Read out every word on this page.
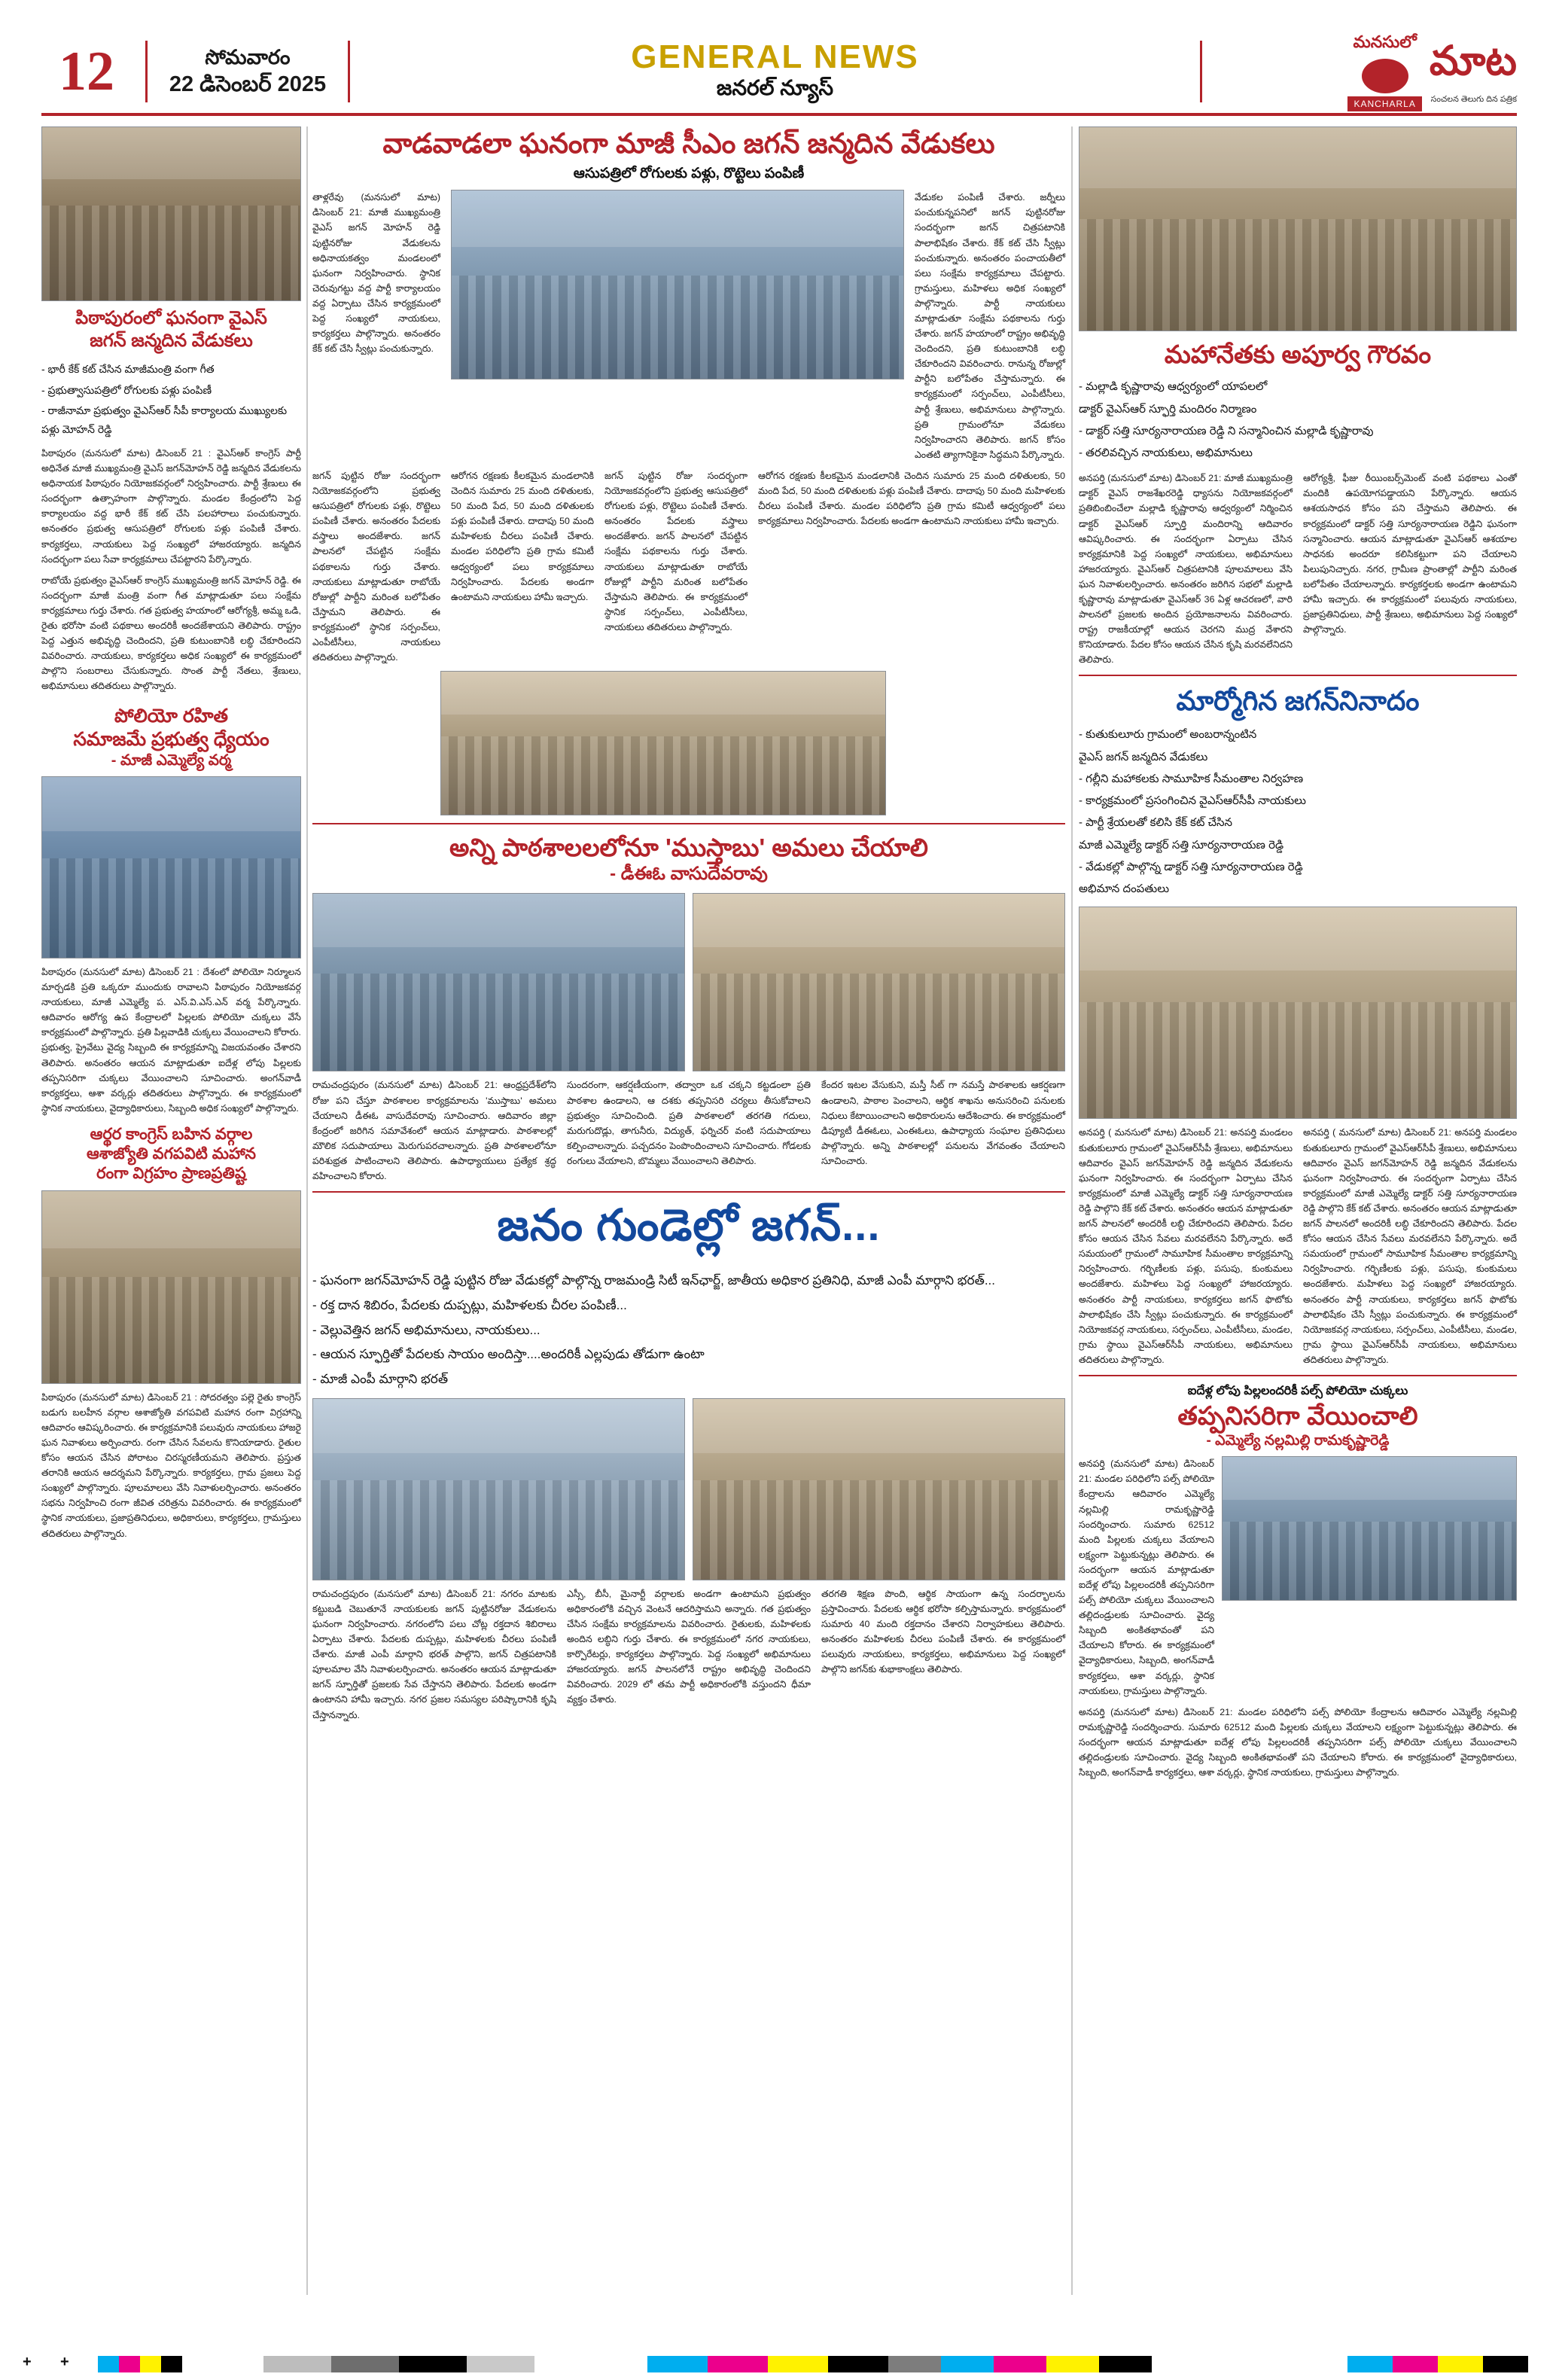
12	సోమవారం
22 డిసెంబ‌ర్ 2025
GENERAL NEWS
జ‌న‌ర‌ల్ న్యూస్
మనసులో
KANCHARLA
మాట
సంచ‌ల‌న‌ తెలుగు దిన ప‌త్రిక
పిఠాపురంలో ఘ‌నంగా వైఎస్
జగన్ జ‌న్మ‌దిన వేడుక‌లు
- భారీ కేక్ క‌ట్ చేసిన మాజీమంత్రి వంగా గీత‌
- ప్ర‌భుత్వాసుప‌త్రిలో రోగుల‌కు ప‌ళ్లు పంపిణీ
- రాజీనామా ప్ర‌భుత్వం వైఎస్ఆర్ సీపీ కార్యాలయ‌ ముఖ్యుల‌కు ప‌ళ్లు మోహ‌న్ రెడ్డి
పిఠాపురం (మ‌న‌సులో మాట‌) డిసెంబ‌ర్ 21 : వైఎస్ఆర్ కాంగ్రెస్ పార్టీ అధినేత మాజీ ముఖ్యమంత్రి వైఎస్ జగన్‌మోహ‌న్ రెడ్డి జ‌న్మ‌దిన వేడుక‌ల‌ను అధినాయ‌క పిఠాపురం నియోజ‌క‌వ‌ర్గంలో నిర్వ‌హించారు. పార్టీ శ్రేణులు ఈ సంద‌ర్భంగా ఉత్సాహంగా పాల్గొన్నారు. మండ‌ల కేంద్రంలోని పెద్ద కార్యాల‌యం వ‌ద్ద భారీ కేక్ క‌ట్ చేసి ప‌ల‌హారాలు పంచుకున్నారు. అనంత‌రం ప్ర‌భుత్వ ఆసుప‌త్రిలో రోగుల‌కు ప‌ళ్లు పంపిణీ చేశారు. కార్య‌క‌ర్త‌లు, నాయ‌కులు పెద్ద సంఖ్య‌లో హాజ‌ర‌య్యారు. జ‌న్మ‌దిన సంద‌ర్భంగా ప‌లు సేవా కార్య‌క్ర‌మాలు చేప‌ట్టార‌ని పేర్కొన్నారు.
రాబోయే ప్ర‌భుత్వం వైఎస్ఆర్ కాంగ్రెస్ ముఖ్య‌మంత్రి జ‌గ‌న్ మోహ‌న్ రెడ్డి. ఈ సంద‌ర్భంగా మాజీ మంత్రి వంగా గీత మాట్లాడుతూ ప‌లు సంక్షేమ కార్య‌క్ర‌మాలు గుర్తు చేశారు. గ‌త ప్ర‌భుత్వ హ‌యాంలో ఆరోగ్యశ్రీ, అమ్మ ఒడి, రైతు భ‌రోసా వంటి ప‌థ‌కాలు అంద‌రికీ అంద‌జేశాయ‌ని తెలిపారు. రాష్ట్రం పెద్ద ఎత్తున అభివృద్ధి చెందింద‌ని, ప్ర‌తి కుటుంబానికి ల‌బ్ధి చేకూరింద‌ని వివ‌రించారు. నాయ‌కులు, కార్య‌క‌ర్త‌లు అధిక సంఖ్య‌లో ఈ కార్య‌క్ర‌మంలో పాల్గొని సంబ‌రాలు చేసుకున్నారు. సొంత పార్టీ నేత‌లు, శ్రేణులు, అభిమానులు త‌దిత‌రులు పాల్గొన్నారు.
పోలియో ర‌హిత‌
స‌మాజ‌మే ప్ర‌భుత్వ ధ్యేయం
- మాజీ ఎమ్మెల్యే వ‌ర్మ
పిఠాపురం (మ‌న‌సులో మాట‌) డిసెంబ‌ర్ 21 : దేశంలో పోలియో నిర్మూల‌న మార్చ‌డ‌కి ప్ర‌తి ఒక్క‌రూ ముందుకు రావాల‌ని పిఠాపురం నియోజ‌క‌వ‌ర్గ నాయ‌కులు, మాజీ ఎమ్మెల్యే ప‌. ఎస్.వి.ఎస్.ఎన్ వ‌ర్మ పేర్కొన్నారు. ఆదివారం ఆరోగ్య ఉప కేంద్రాల‌లో పిల్ల‌ల‌కు పోలియో చుక్క‌లు వేసే కార్య‌క్ర‌మంలో పాల్గొన్నారు. ప్ర‌తి పిల్ల‌వాడికి చుక్క‌లు వేయించాల‌ని కోరారు. ప్ర‌భుత్వ‌, ప్రైవేటు వైద్య సిబ్బంది ఈ కార్య‌క్ర‌మాన్ని విజ‌య‌వంతం చేశార‌ని తెలిపారు. అనంత‌రం ఆయ‌న మాట్లాడుతూ ఐదేళ్ల లోపు పిల్ల‌ల‌కు త‌ప్ప‌నిస‌రిగా చుక్క‌లు వేయించాల‌ని సూచించారు. అంగ‌న్‌వాడీ కార్య‌క‌ర్త‌లు, ఆశా వ‌ర్క‌ర్లు త‌దిత‌రులు పాల్గొన్నారు. ఈ కార్య‌క్ర‌మంలో స్థానిక నాయ‌కులు, వైద్యాధికారులు, సిబ్బంది అధిక సంఖ్య‌లో పాల్గొన్నారు.
ఆర్థ‌ర కాంగ్రెస్ బ‌హిన వ‌ర్గాల
ఆశాజ్యోతి వ‌గ‌ప‌విటి మ‌హాన
రంగా విగ్ర‌హం ప్రాణ‌ప్ర‌తిష్ట‌
పిఠాపురం (మ‌న‌సులో మాట‌) డిసెంబ‌ర్ 21 : సోద‌ర‌త్వం ప‌ల్లె రైతు కాంగ్రెస్ బ‌డుగు బ‌ల‌హీన వ‌ర్గాల ఆశాజ్యోతి వ‌గ‌ప‌విటి మ‌హాన రంగా విగ్ర‌హాన్ని ఆదివారం ఆవిష్క‌రించారు. ఈ కార్య‌క్ర‌మానికి ప‌లువురు నాయ‌కులు హాజ‌రై ఘ‌న నివాళులు అర్పించారు. రంగా చేసిన సేవ‌ల‌ను కొనియాడారు. రైతుల కోసం ఆయ‌న చేసిన పోరాటం చిర‌స్మ‌ర‌ణీయ‌మ‌ని తెలిపారు. ప్ర‌స్తుత త‌రానికి ఆయ‌న ఆద‌ర్శ‌మ‌ని పేర్కొన్నారు. కార్య‌క‌ర్త‌లు, గ్రామ ప్ర‌జ‌లు పెద్ద సంఖ్య‌లో పాల్గొన్నారు. పూల‌మాల‌లు వేసి నివాళుల‌ర్పించారు. అనంత‌రం స‌భ‌ను నిర్వ‌హించి రంగా జీవిత చ‌రిత్ర‌ను వివ‌రించారు. ఈ కార్య‌క్ర‌మంలో స్థానిక నాయ‌కులు, ప్ర‌జాప్ర‌తినిధులు, అధికారులు, కార్య‌క‌ర్త‌లు, గ్రామ‌స్తులు త‌దిత‌రులు పాల్గొన్నారు.
వాడ‌వాడ‌లా ఘ‌నంగా మాజీ సీఎం జ‌గ‌న్ జ‌న్మ‌దిన వేడుక‌లు
ఆసుప‌త్రిలో రోగుల‌కు ప‌ళ్లు, రొట్టెలు పంపిణీ
తాళ్ల‌రేవు (మ‌న‌సులో మాట‌) డిసెంబ‌ర్ 21: మాజీ ముఖ్య‌మంత్రి వైఎస్ జ‌గ‌న్ మోహ‌న్ రెడ్డి పుట్టిన‌రోజు వేడుక‌ల‌ను అధినాయ‌క‌త్వం మండ‌లంలో ఘ‌నంగా నిర్వ‌హించారు. స్థానిక చెరువుగ‌ట్టు వ‌ద్ద పార్టీ కార్యాల‌యం వ‌ద్ద ఏర్పాటు చేసిన కార్య‌క్ర‌మంలో పెద్ద సంఖ్య‌లో నాయ‌కులు, కార్య‌క‌ర్త‌లు పాల్గొన్నారు. అనంత‌రం కేక్ క‌ట్ చేసి స్వీట్లు పంచుకున్నారు.
వేడుక‌ల పంపిణీ చేశారు. జ‌ర్నీలు పంచుకున్న‌ప‌నిలో జ‌గ‌న్ పుట్టిన‌రోజు సంద‌ర్భంగా జ‌గ‌న్ చిత్ర‌ప‌టానికి పాలాభిషేకం చేశారు. కేక్ క‌ట్ చేసి స్వీట్లు పంచుకున్నారు. అనంత‌రం పంచాయ‌తీలో ప‌లు సంక్షేమ కార్య‌క్ర‌మాలు చేప‌ట్టారు. గ్రామ‌స్తులు, మ‌హిళ‌లు అధిక సంఖ్య‌లో పాల్గొన్నారు. పార్టీ నాయ‌కులు మాట్లాడుతూ సంక్షేమ ప‌థ‌కాల‌ను గుర్తు చేశారు. జ‌గ‌న్ హ‌యాంలో రాష్ట్రం అభివృద్ధి చెందింద‌ని, ప్ర‌తి కుటుంబానికి ల‌బ్ధి చేకూరింద‌ని వివ‌రించారు. రానున్న రోజుల్లో పార్టీని బ‌లోపేతం చేస్తామ‌న్నారు. ఈ కార్య‌క్ర‌మంలో స‌ర్పంచ్‌లు, ఎంపీటీసీలు, పార్టీ శ్రేణులు, అభిమానులు పాల్గొన్నారు. ప్ర‌తి గ్రామంలోనూ వేడుక‌లు నిర్వ‌హించార‌ని తెలిపారు. జ‌గ‌న్ కోసం ఎంత‌టి త్యాగానికైనా సిద్ధ‌మ‌ని పేర్కొన్నారు.
జ‌గ‌న్ పుట్టిన రోజు సంద‌ర్భంగా నియోజ‌క‌వ‌ర్గంలోని ప్ర‌భుత్వ ఆసుప‌త్రిలో రోగుల‌కు ప‌ళ్లు, రొట్టెలు పంపిణీ చేశారు. అనంత‌రం పేద‌ల‌కు వ‌స్త్రాలు అంద‌జేశారు. జ‌గ‌న్ పాల‌న‌లో చేప‌ట్టిన సంక్షేమ ప‌థ‌కాల‌ను గుర్తు చేశారు. నాయ‌కులు మాట్లాడుతూ రాబోయే రోజుల్లో పార్టీని మ‌రింత బ‌లోపేతం చేస్తామ‌ని తెలిపారు. ఈ కార్య‌క్ర‌మంలో స్థానిక స‌ర్పంచ్‌లు, ఎంపీటీసీలు, నాయ‌కులు త‌దిత‌రులు పాల్గొన్నారు.
ఆరోగ‌న ర‌క్ష‌ణ‌కు కీల‌క‌మైన మండ‌లానికి చెందిన సుమారు 25 మంది ద‌ళితుల‌కు, 50 మంది పేద‌, 50 మంది ద‌ళితుల‌కు ప‌ళ్లు పంపిణీ చేశారు. దాదాపు 50 మంది మ‌హిళ‌ల‌కు చీర‌లు పంపిణీ చేశారు. మండ‌ల ప‌రిధిలోని ప్ర‌తి గ్రామ క‌మిటీ ఆధ్వ‌ర్యంలో ప‌లు కార్య‌క్ర‌మాలు నిర్వ‌హించారు. పేద‌ల‌కు అండ‌గా ఉంటామ‌ని నాయ‌కులు హామీ ఇచ్చారు.
జ‌గ‌న్ పుట్టిన రోజు సంద‌ర్భంగా నియోజ‌క‌వ‌ర్గంలోని ప్ర‌భుత్వ ఆసుప‌త్రిలో రోగుల‌కు ప‌ళ్లు, రొట్టెలు పంపిణీ చేశారు. అనంత‌రం పేద‌ల‌కు వ‌స్త్రాలు అంద‌జేశారు. జ‌గ‌న్ పాల‌న‌లో చేప‌ట్టిన సంక్షేమ ప‌థ‌కాల‌ను గుర్తు చేశారు. నాయ‌కులు మాట్లాడుతూ రాబోయే రోజుల్లో పార్టీని మ‌రింత బ‌లోపేతం చేస్తామ‌ని తెలిపారు. ఈ కార్య‌క్ర‌మంలో స్థానిక స‌ర్పంచ్‌లు, ఎంపీటీసీలు, నాయ‌కులు త‌దిత‌రులు పాల్గొన్నారు.
ఆరోగ‌న ర‌క్ష‌ణ‌కు కీల‌క‌మైన మండ‌లానికి చెందిన సుమారు 25 మంది ద‌ళితుల‌కు, 50 మంది పేద‌, 50 మంది ద‌ళితుల‌కు ప‌ళ్లు పంపిణీ చేశారు. దాదాపు 50 మంది మ‌హిళ‌ల‌కు చీర‌లు పంపిణీ చేశారు. మండ‌ల ప‌రిధిలోని ప్ర‌తి గ్రామ క‌మిటీ ఆధ్వ‌ర్యంలో ప‌లు కార్య‌క్ర‌మాలు నిర్వ‌హించారు. పేద‌ల‌కు అండ‌గా ఉంటామ‌ని నాయ‌కులు హామీ ఇచ్చారు.
అన్ని పాఠ‌శాల‌ల‌లోనూ 'ముస్తాబు' అమ‌లు చేయాలి
- డీఈఓ వాసుదేవ‌రావు
రామ‌చంద్ర‌పురం (మ‌న‌సులో మాట‌) డిసెంబ‌ర్ 21: ఆంధ్ర‌ప్ర‌దేశ్‌లోని రోజు ప‌ని చేస్తూ పాఠ‌శాల‌ల కార్య‌క్ర‌మాల‌ను 'ముస్తాబు' అమ‌లు చేయాల‌ని డీఈఓ వాసుదేవ‌రావు సూచించారు. ఆదివారం జిల్లా కేంద్రంలో జ‌రిగిన స‌మావేశంలో ఆయ‌న మాట్లాడారు. పాఠ‌శాల‌ల్లో మౌలిక స‌దుపాయాలు మెరుగుప‌ర‌చాల‌న్నారు. ప్ర‌తి పాఠ‌శాల‌లోనూ ప‌రిశుభ్ర‌త పాటించాల‌ని తెలిపారు. ఉపాధ్యాయులు ప్ర‌త్యేక శ్ర‌ద్ధ వ‌హించాల‌ని కోరారు.
సుంద‌రంగా, ఆక‌ర్ష‌ణీయంగా, త‌ద్వారా ఒక చ‌క్క‌ని క‌ట్ట‌డంలా ప్ర‌తి పాఠ‌శాల ఉండాల‌ని, ఆ ద‌శ‌కు త‌ప్ప‌నిస‌రి చ‌ర్య‌లు తీసుకోవాల‌ని ప్ర‌భుత్వం సూచించింది. ప్ర‌తి పాఠ‌శాల‌లో త‌ర‌గ‌తి గ‌దులు, మ‌రుగుదొడ్లు, తాగునీరు, విద్యుత్‌, ఫ‌ర్నిచ‌ర్ వంటి స‌దుపాయాలు క‌ల్పించాల‌న్నారు. ప‌చ్చ‌ద‌నం పెంపొందించాల‌ని సూచించారు. గోడ‌ల‌కు రంగులు వేయాల‌ని, బొమ్మ‌లు వేయించాల‌ని తెలిపారు.
కేంద‌ర ఇట‌ల వేసుకుని, మ‌స్తీ సీట్ గా న‌మ‌స్తే పాఠ‌శాల‌కు ఆక‌ర్ష‌ణ‌గా ఉండాల‌ని, పాఠాల పెంచాల‌ని, ఆర్థిక శాఖ‌ను అనుస‌రించి ప‌నుల‌కు నిధులు కేటాయించాల‌ని అధికారుల‌ను ఆదేశించారు. ఈ కార్య‌క్ర‌మంలో డిప్యూటీ డీఈఓలు, ఎంఈఓలు, ఉపాధ్యాయ సంఘాల ప్ర‌తినిధులు పాల్గొన్నారు. అన్ని పాఠ‌శాల‌ల్లో ప‌నుల‌ను వేగ‌వంతం చేయాల‌ని సూచించారు.
జ‌నం గుండెల్లో జ‌గ‌న్...
- ఘ‌నంగా జ‌గ‌న్‌మోహ‌న్ రెడ్డి పుట్టిన‌ రోజు వేడుక‌ల్లో పాల్గొన్న‌ రాజ‌మండ్రి సిటీ ఇన్‌ఛార్జ్‌, జాతీయ అధికార ప్ర‌తినిధి, మాజీ ఎంపీ మార్గాని భ‌ర‌త్‌...
- ర‌క్త‌ దాన శిబిరం, పేద‌ల‌కు దుప్ప‌ట్లు, మ‌హిళ‌ల‌కు చీర‌ల పంపిణీ...
- వెల్లువెత్తిన జ‌గ‌న్ అభిమానులు, నాయ‌కులు...
- ఆయ‌న స్ఫూర్తితో పేద‌ల‌కు సాయం అందిస్తా....అంద‌రికీ ఎల్ల‌పుడు తోడుగా ఉంటా
- మాజీ ఎంపీ మార్గాని భ‌ర‌త్‌
రామ‌చంద్ర‌పురం (మ‌న‌సులో మాట‌) డిసెంబ‌ర్ 21: న‌గ‌రం మాట‌కు క‌ట్టుబ‌డి చెబుతూనే నాయ‌కుల‌కు జ‌గ‌న్ పుట్టిన‌రోజు వేడుక‌ల‌ను ఘ‌నంగా నిర్వ‌హించారు. న‌గ‌రంలోని ప‌లు చోట్ల ర‌క్త‌దాన శిబిరాలు ఏర్పాటు చేశారు. పేద‌ల‌కు దుప్ప‌ట్లు, మ‌హిళ‌ల‌కు చీర‌లు పంపిణీ చేశారు. మాజీ ఎంపీ మార్గాని భ‌ర‌త్ పాల్గొని, జ‌గ‌న్ చిత్ర‌ప‌టానికి పూల‌మాల వేసి నివాళుల‌ర్పించారు. అనంత‌రం ఆయ‌న మాట్లాడుతూ జ‌గ‌న్ స్ఫూర్తితో ప్ర‌జ‌ల‌కు సేవ చేస్తాన‌ని తెలిపారు. పేద‌ల‌కు అండ‌గా ఉంటాన‌ని హామీ ఇచ్చారు. న‌గ‌ర ప్ర‌జ‌ల స‌మ‌స్య‌ల ప‌రిష్కారానికి కృషి చేస్తాన‌న్నారు.
ఎస్సీ, బీసీ, మైనార్టీ వ‌ర్గాల‌కు అండ‌గా ఉంటామ‌ని ప్ర‌భుత్వం అధికారంలోకి వ‌చ్చిన వెంట‌నే ఆద‌రిస్తామ‌ని అన్నారు. గ‌త ప్ర‌భుత్వం చేసిన సంక్షేమ కార్య‌క్ర‌మాల‌ను వివ‌రించారు. రైతుల‌కు, మ‌హిళ‌ల‌కు అందిన ల‌బ్ధిని గుర్తు చేశారు. ఈ కార్య‌క్ర‌మంలో న‌గ‌ర నాయ‌కులు, కార్పొరేట‌ర్లు, కార్య‌క‌ర్త‌లు పాల్గొన్నారు. పెద్ద సంఖ్య‌లో అభిమానులు హాజ‌ర‌య్యారు. జ‌గ‌న్ పాల‌న‌లోనే రాష్ట్రం అభివృద్ధి చెందింద‌ని వివ‌రించారు. 2029 లో త‌మ పార్టీ అధికారంలోకి వ‌స్తుంద‌ని ధీమా వ్య‌క్తం చేశారు.
త‌ర‌గ‌తి శిక్ష‌ణ పొంది, ఆర్థిక సాయంగా ఉన్న సంద‌ర్భాల‌ను ప్ర‌స్తావించారు. పేద‌ల‌కు ఆర్థిక భ‌రోసా క‌ల్పిస్తామ‌న్నారు. కార్య‌క్ర‌మంలో సుమారు 40 మంది ర‌క్త‌దానం చేశార‌ని నిర్వాహ‌కులు తెలిపారు. అనంత‌రం మ‌హిళ‌ల‌కు చీర‌లు పంపిణీ చేశారు. ఈ కార్య‌క్ర‌మంలో ప‌లువురు నాయ‌కులు, కార్య‌క‌ర్త‌లు, అభిమానులు పెద్ద సంఖ్య‌లో పాల్గొని జ‌గ‌న్‌కు శుభాకాంక్ష‌లు తెలిపారు.
మ‌హానేత‌కు అపూర్వ గౌర‌వం
- మ‌ల్లాడి కృష్ణారావు ఆధ్వ‌ర్యంలో యాప‌ల‌లో
డాక్ట‌ర్ వైఎస్ఆర్ స్ఫూర్తి మందిరం నిర్మాణం
- డాక్ట‌ర్ స‌త్తి సూర్య‌నారాయ‌ణ రెడ్డి ని స‌న్మానించిన మ‌ల్లాడి కృష్ణారావు
- త‌ర‌లివ‌చ్చిన నాయ‌కులు, అభిమానులు
అన‌ప‌ర్తి (మ‌న‌సులో మాట‌) డిసెంబ‌ర్ 21: మాజీ ముఖ్య‌మంత్రి డాక్ట‌ర్ వైఎస్ రాజ‌శేఖ‌ర‌రెడ్డి ధ్యాస‌ను నియోజ‌క‌వ‌ర్గంలో ప్ర‌తిబింబించేలా మ‌ల్లాడి కృష్ణారావు ఆధ్వ‌ర్యంలో నిర్మించిన డాక్ట‌ర్ వైఎస్ఆర్ స్ఫూర్తి మందిరాన్ని ఆదివారం ఆవిష్క‌రించారు. ఈ సంద‌ర్భంగా ఏర్పాటు చేసిన కార్య‌క్ర‌మానికి పెద్ద సంఖ్య‌లో నాయ‌కులు, అభిమానులు హాజ‌ర‌య్యారు. వైఎస్ఆర్ చిత్ర‌ప‌టానికి పూల‌మాల‌లు వేసి ఘ‌న నివాళుల‌ర్పించారు. అనంత‌రం జ‌రిగిన స‌భ‌లో మ‌ల్లాడి కృష్ణారావు మాట్లాడుతూ వైఎస్ఆర్ 36 ఏళ్ల ఆచ‌ర‌ణ‌లో, వారి పాల‌న‌లో ప్ర‌జ‌ల‌కు అందిన ప్ర‌యోజ‌నాల‌ను వివ‌రించారు. రాష్ట్ర రాజ‌కీయాల్లో ఆయ‌న చెర‌గ‌ని ముద్ర వేశార‌ని కొనియాడారు. పేద‌ల కోసం ఆయ‌న చేసిన కృషి మ‌ర‌వ‌లేనిద‌ని తెలిపారు.
ఆరోగ్య‌శ్రీ, ఫీజు రీయింబ‌ర్స్‌మెంట్ వంటి ప‌థ‌కాలు ఎంతో మందికి ఉప‌యోగ‌ప‌డ్డాయ‌ని పేర్కొన్నారు. ఆయ‌న ఆశ‌య‌సాధ‌న కోసం ప‌ని చేస్తామ‌ని తెలిపారు. ఈ కార్య‌క్ర‌మంలో డాక్ట‌ర్ స‌త్తి సూర్య‌నారాయ‌ణ రెడ్డిని ఘ‌నంగా స‌న్మానించారు. ఆయ‌న మాట్లాడుతూ వైఎస్ఆర్ ఆశ‌యాల సాధ‌న‌కు అంద‌రూ క‌లిసిక‌ట్టుగా ప‌ని చేయాల‌ని పిలుపునిచ్చారు. న‌గ‌ర‌, గ్రామీణ ప్రాంతాల్లో పార్టీని మ‌రింత బ‌లోపేతం చేయాల‌న్నారు. కార్య‌క‌ర్త‌ల‌కు అండ‌గా ఉంటామ‌ని హామీ ఇచ్చారు. ఈ కార్య‌క్ర‌మంలో ప‌లువురు నాయ‌కులు, ప్ర‌జాప్ర‌తినిధులు, పార్టీ శ్రేణులు, అభిమానులు పెద్ద సంఖ్య‌లో పాల్గొన్నారు.
మార్మోగిన జ‌గ‌న్‌నినాదం
- కుతుకులూరు గ్రామంలో అంబ‌రాన్నంటిన
వైఎస్ జ‌గ‌న్ జ‌న్మ‌దిన వేడుక‌లు
- గ‌ల్లీని మ‌హాక‌ల‌కు సామూహిక సీమంతాల నిర్వ‌హ‌ణ
- కార్య‌క్ర‌మంలో ప్ర‌సంగించిన వైఎస్ఆర్‌సీపీ నాయ‌కులు
- పార్టీ శ్రేయ‌ల‌తో క‌లిసి కేక్ క‌ట్ చేసిన
మాజీ ఎమ్మెల్యే డాక్ట‌ర్ స‌త్తి సూర్య‌నారాయ‌ణ రెడ్డి
- వేడుక‌ల్లో పాల్గొన్న డాక్ట‌ర్ స‌త్తి సూర్య‌నారాయ‌ణ రెడ్డి
అభిమాన దంప‌తులు
అన‌ప‌ర్తి ( మ‌న‌సులో మాట‌) డిసెంబ‌ర్ 21: అన‌ప‌ర్తి మండ‌లం కుతుకులూరు గ్రామంలో వైఎస్ఆర్‌సీపీ శ్రేణులు, అభిమానులు ఆదివారం వైఎస్ జ‌గ‌న్‌మోహ‌న్ రెడ్డి జ‌న్మ‌దిన వేడుక‌ల‌ను ఘ‌నంగా నిర్వ‌హించారు. ఈ సంద‌ర్భంగా ఏర్పాటు చేసిన కార్య‌క్ర‌మంలో మాజీ ఎమ్మెల్యే డాక్ట‌ర్ స‌త్తి సూర్య‌నారాయ‌ణ రెడ్డి పాల్గొని కేక్ క‌ట్ చేశారు. అనంత‌రం ఆయ‌న మాట్లాడుతూ జ‌గ‌న్ పాల‌న‌లో అంద‌రికీ ల‌బ్ధి చేకూరింద‌ని తెలిపారు. పేద‌ల కోసం ఆయ‌న చేసిన సేవ‌లు మ‌ర‌వ‌లేన‌ని పేర్కొన్నారు. అదే స‌మ‌యంలో గ్రామంలో సామూహిక సీమంతాల కార్య‌క్ర‌మాన్ని నిర్వ‌హించారు. గ‌ర్భిణీల‌కు ప‌ళ్లు, ప‌సుపు, కుంకుమ‌లు అంద‌జేశారు. మ‌హిళ‌లు పెద్ద సంఖ్య‌లో హాజ‌ర‌య్యారు. అనంత‌రం పార్టీ నాయ‌కులు, కార్య‌క‌ర్త‌లు జ‌గ‌న్ ఫొటోకు పాలాభిషేకం చేసి స్వీట్లు పంచుకున్నారు. ఈ కార్య‌క్ర‌మంలో నియోజ‌క‌వ‌ర్గ నాయ‌కులు, స‌ర్పంచ్‌లు, ఎంపీటీసీలు, మండ‌ల‌, గ్రామ స్థాయి వైఎస్ఆర్‌సీపీ నాయ‌కులు, అభిమానులు త‌దిత‌రులు పాల్గొన్నారు.
అన‌ప‌ర్తి ( మ‌న‌సులో మాట‌) డిసెంబ‌ర్ 21: అన‌ప‌ర్తి మండ‌లం కుతుకులూరు గ్రామంలో వైఎస్ఆర్‌సీపీ శ్రేణులు, అభిమానులు ఆదివారం వైఎస్ జ‌గ‌న్‌మోహ‌న్ రెడ్డి జ‌న్మ‌దిన వేడుక‌ల‌ను ఘ‌నంగా నిర్వ‌హించారు. ఈ సంద‌ర్భంగా ఏర్పాటు చేసిన కార్య‌క్ర‌మంలో మాజీ ఎమ్మెల్యే డాక్ట‌ర్ స‌త్తి సూర్య‌నారాయ‌ణ రెడ్డి పాల్గొని కేక్ క‌ట్ చేశారు. అనంత‌రం ఆయ‌న మాట్లాడుతూ జ‌గ‌న్ పాల‌న‌లో అంద‌రికీ ల‌బ్ధి చేకూరింద‌ని తెలిపారు. పేద‌ల కోసం ఆయ‌న చేసిన సేవ‌లు మ‌ర‌వ‌లేన‌ని పేర్కొన్నారు. అదే స‌మ‌యంలో గ్రామంలో సామూహిక సీమంతాల కార్య‌క్ర‌మాన్ని నిర్వ‌హించారు. గ‌ర్భిణీల‌కు ప‌ళ్లు, ప‌సుపు, కుంకుమ‌లు అంద‌జేశారు. మ‌హిళ‌లు పెద్ద సంఖ్య‌లో హాజ‌ర‌య్యారు. అనంత‌రం పార్టీ నాయ‌కులు, కార్య‌క‌ర్త‌లు జ‌గ‌న్ ఫొటోకు పాలాభిషేకం చేసి స్వీట్లు పంచుకున్నారు. ఈ కార్య‌క్ర‌మంలో నియోజ‌క‌వ‌ర్గ నాయ‌కులు, స‌ర్పంచ్‌లు, ఎంపీటీసీలు, మండ‌ల‌, గ్రామ స్థాయి వైఎస్ఆర్‌సీపీ నాయ‌కులు, అభిమానులు త‌దిత‌రులు పాల్గొన్నారు.
ఐదేళ్ల లోపు పిల్ల‌లంద‌రికీ ప‌ల్స్ పోలియో చుక్క‌లు
త‌ప్ప‌నిస‌రిగా వేయించాలి
- ఎమ్మెల్యే న‌ల్ల‌మిల్లి రామ‌కృష్ణారెడ్డి
అన‌ప‌ర్తి (మ‌న‌సులో మాట‌) డిసెంబ‌ర్ 21: మండ‌ల ప‌రిధిలోని ప‌ల్స్ పోలియో కేంద్రాల‌ను ఆదివారం ఎమ్మెల్యే న‌ల్ల‌మిల్లి రామ‌కృష్ణారెడ్డి సంద‌ర్శించారు. సుమారు 62512 మంది పిల్ల‌ల‌కు చుక్క‌లు వేయాల‌ని ల‌క్ష్యంగా పెట్టుకున్న‌ట్లు తెలిపారు. ఈ సంద‌ర్భంగా ఆయ‌న మాట్లాడుతూ ఐదేళ్ల లోపు పిల్ల‌లంద‌రికీ త‌ప్ప‌నిస‌రిగా ప‌ల్స్ పోలియో చుక్క‌లు వేయించాల‌ని త‌ల్లిదండ్రుల‌కు సూచించారు. వైద్య సిబ్బంది అంకితభావంతో ప‌ని చేయాల‌ని కోరారు. ఈ కార్య‌క్ర‌మంలో వైద్యాధికారులు, సిబ్బంది, అంగ‌న్‌వాడీ కార్య‌క‌ర్త‌లు, ఆశా వ‌ర్క‌ర్లు, స్థానిక నాయ‌కులు, గ్రామ‌స్తులు పాల్గొన్నారు.
అన‌ప‌ర్తి (మ‌న‌సులో మాట‌) డిసెంబ‌ర్ 21: మండ‌ల ప‌రిధిలోని ప‌ల్స్ పోలియో కేంద్రాల‌ను ఆదివారం ఎమ్మెల్యే న‌ల్ల‌మిల్లి రామ‌కృష్ణారెడ్డి సంద‌ర్శించారు. సుమారు 62512 మంది పిల్ల‌ల‌కు చుక్క‌లు వేయాల‌ని ల‌క్ష్యంగా పెట్టుకున్న‌ట్లు తెలిపారు. ఈ సంద‌ర్భంగా ఆయ‌న మాట్లాడుతూ ఐదేళ్ల లోపు పిల్ల‌లంద‌రికీ త‌ప్ప‌నిస‌రిగా ప‌ల్స్ పోలియో చుక్క‌లు వేయించాల‌ని త‌ల్లిదండ్రుల‌కు సూచించారు. వైద్య సిబ్బంది అంకితభావంతో ప‌ని చేయాల‌ని కోరారు. ఈ కార్య‌క్ర‌మంలో వైద్యాధికారులు, సిబ్బంది, అంగ‌న్‌వాడీ కార్య‌క‌ర్త‌లు, ఆశా వ‌ర్క‌ర్లు, స్థానిక నాయ‌కులు, గ్రామ‌స్తులు పాల్గొన్నారు.
+ +
